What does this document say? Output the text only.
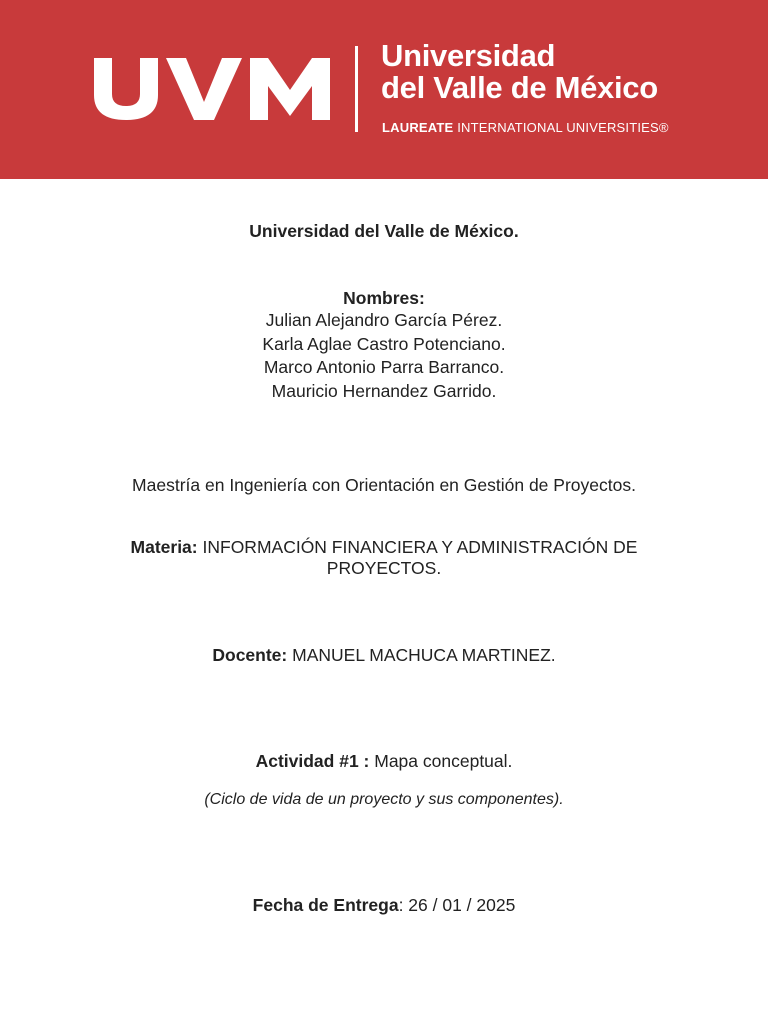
Universidad
del Valle de México
LAUREATE INTERNATIONAL UNIVERSITIES®
Universidad del Valle de México.
Nombres:
Julian Alejandro García Pérez.
Karla Aglae Castro Potenciano.
Marco Antonio Parra Barranco.
Mauricio Hernandez Garrido.
Maestría en Ingeniería con Orientación en Gestión de Proyectos.
Materia: INFORMACIÓN FINANCIERA Y ADMINISTRACIÓN DE
PROYECTOS.
Docente: MANUEL MACHUCA MARTINEZ.
Actividad #1 : Mapa conceptual.
(Ciclo de vida de un proyecto y sus componentes).
Fecha de Entrega: 26 / 01 / 2025
